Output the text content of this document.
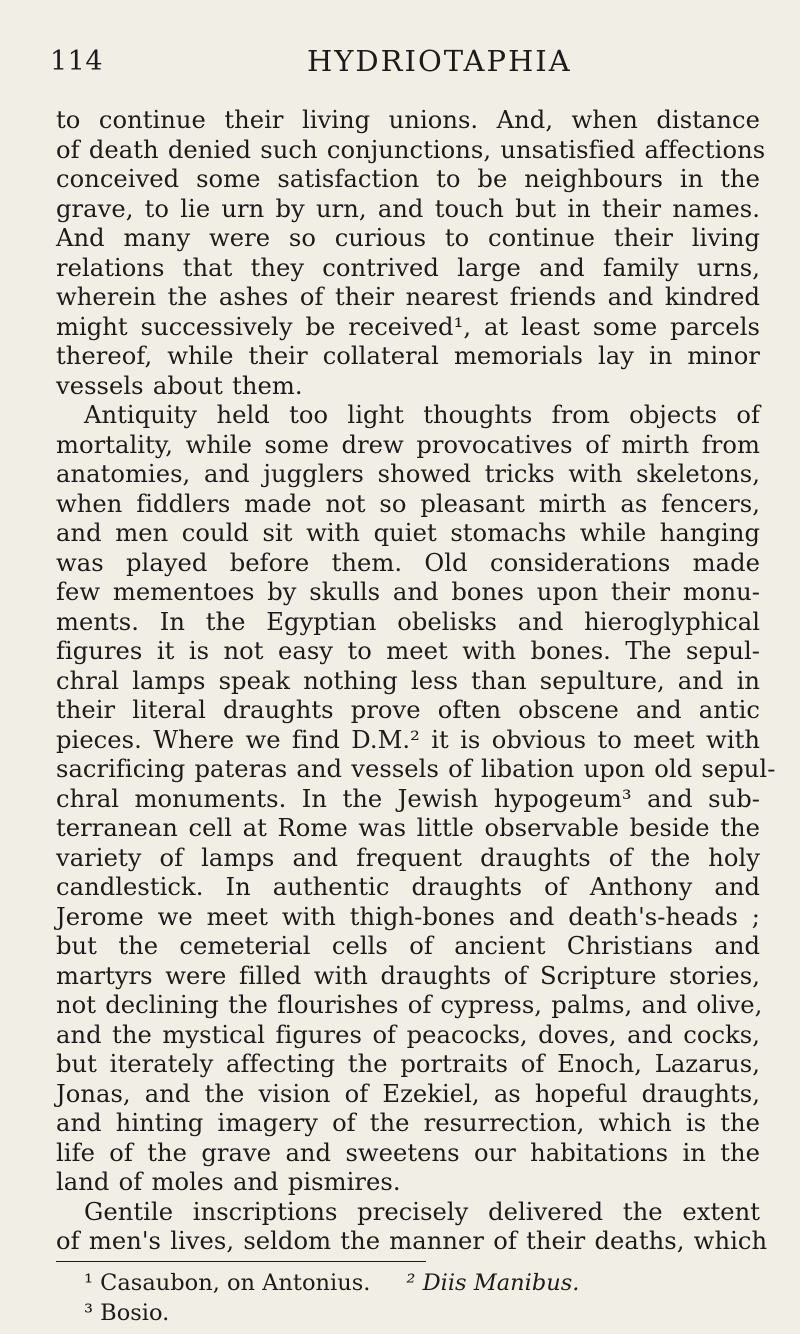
114	HYDRIOTAPHIA
to continue their living unions. And, when distance
of death denied such conjunctions, unsatisfied affections
conceived some satisfaction to be neighbours in the
grave, to lie urn by urn, and touch but in their names.
And many were so curious to continue their living
relations that they contrived large and family urns,
wherein the ashes of their nearest friends and kindred
might successively be received¹, at least some parcels
thereof, while their collateral memorials lay in minor
vessels about them.
Antiquity held too light thoughts from objects of
mortality, while some drew provocatives of mirth from
anatomies, and jugglers showed tricks with skeletons,
when fiddlers made not so pleasant mirth as fencers,
and men could sit with quiet stomachs while hanging
was played before them. Old considerations made
few mementoes by skulls and bones upon their monu-
ments. In the Egyptian obelisks and hieroglyphical
figures it is not easy to meet with bones. The sepul-
chral lamps speak nothing less than sepulture, and in
their literal draughts prove often obscene and antic
pieces. Where we find D.M.² it is obvious to meet with
sacrificing pateras and vessels of libation upon old sepul-
chral monuments. In the Jewish hypogeum³ and sub-
terranean cell at Rome was little observable beside the
variety of lamps and frequent draughts of the holy
candlestick. In authentic draughts of Anthony and
Jerome we meet with thigh-bones and death's-heads ;
but the cemeterial cells of ancient Christians and
martyrs were filled with draughts of Scripture stories,
not declining the flourishes of cypress, palms, and olive,
and the mystical figures of peacocks, doves, and cocks,
but iterately affecting the portraits of Enoch, Lazarus,
Jonas, and the vision of Ezekiel, as hopeful draughts,
and hinting imagery of the resurrection, which is the
life of the grave and sweetens our habitations in the
land of moles and pismires.
Gentile inscriptions precisely delivered the extent
of men's lives, seldom the manner of their deaths, which
¹ Casaubon, on Antonius. ² Diis Manibus.
³ Bosio.
